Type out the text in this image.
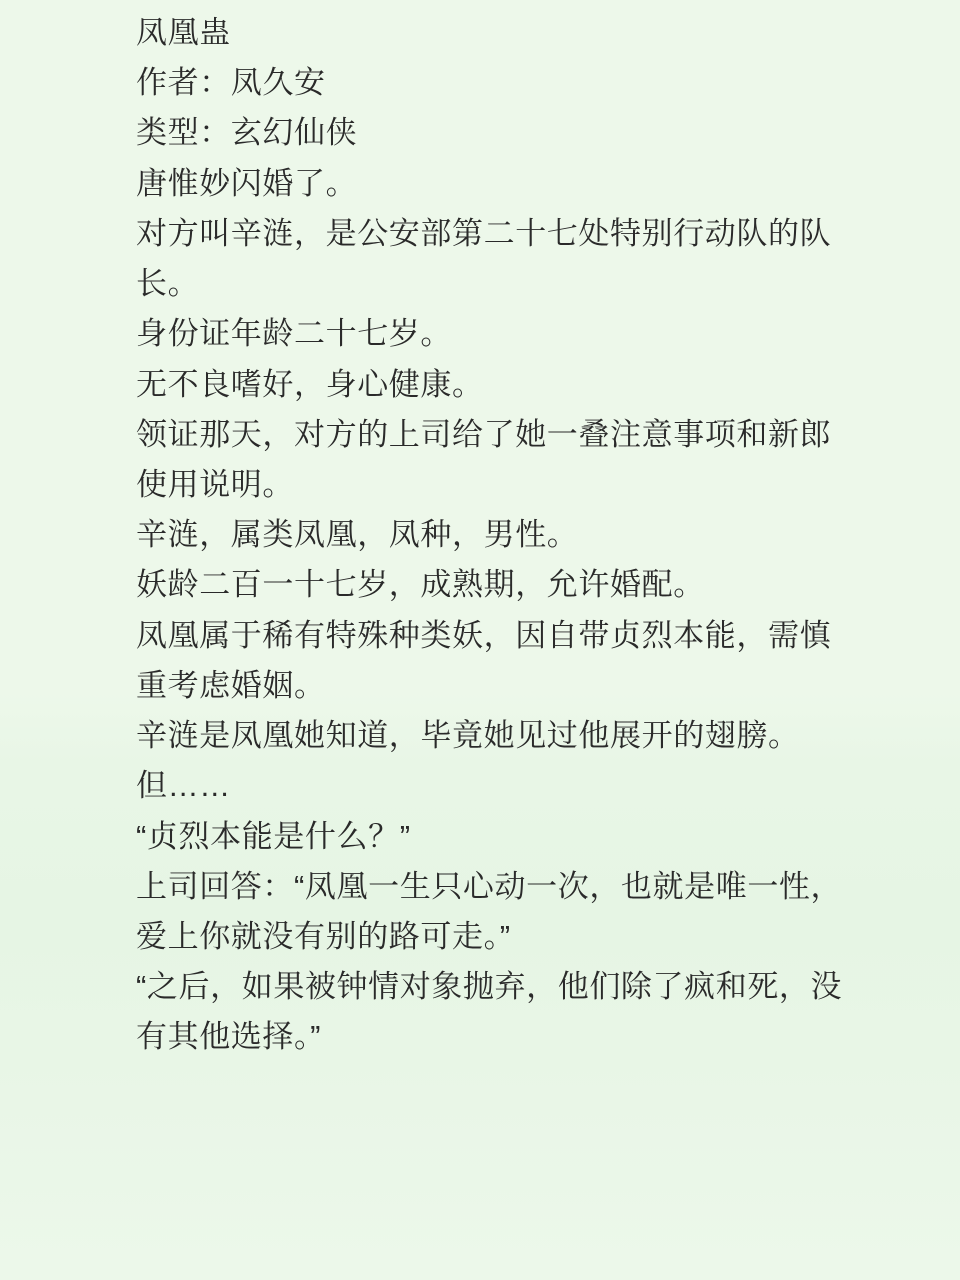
凤凰蛊

作者：凤久安

类型：玄幻仙侠

唐惟妙闪婚了。

对方叫辛涟，是公安部第二十七处特别行动队的队长。

身份证年龄二十七岁。

无不良嗜好，身心健康。

领证那天，对方的上司给了她一叠注意事项和新郎使用说明。

辛涟，属类凤凰，凤种，男性。

妖龄二百一十七岁，成熟期，允许婚配。

凤凰属于稀有特殊种类妖，因自带贞烈本能，需慎重考虑婚姻。

辛涟是凤凰她知道，毕竟她见过他展开的翅膀。

但……

“贞烈本能是什么？”

上司回答：“凤凰一生只心动一次，也就是唯一性，爱上你就没有别的路可走。”

“之后，如果被钟情对象抛弃，他们除了疯和死，没有其他选择。”
